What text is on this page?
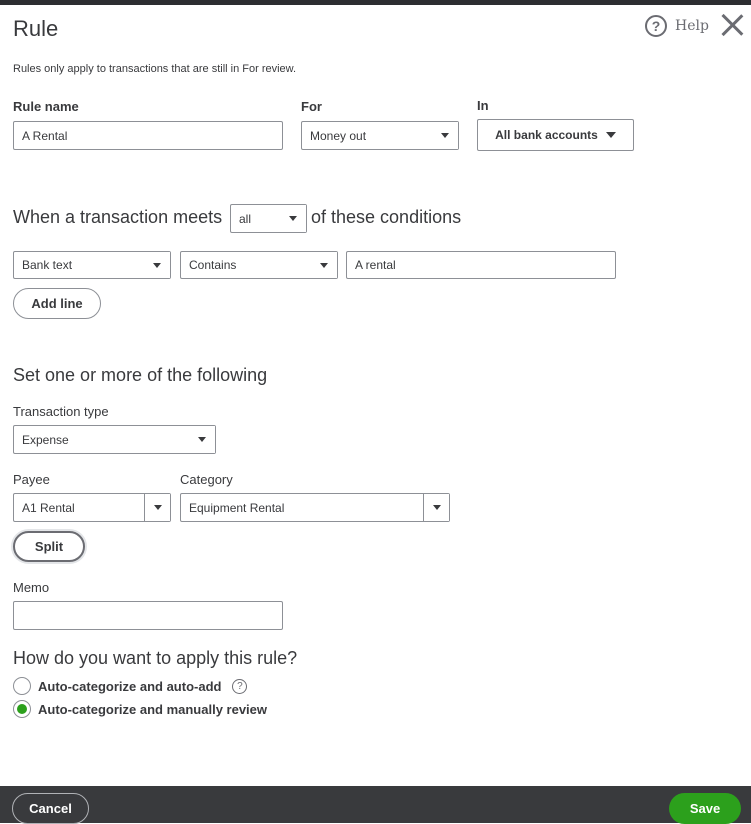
Rule	?	Help
Rules only apply to transactions that are still in For review.
Rule name
A Rental
For
Money out
In
All bank accounts
When a transaction meets all	of these conditions
Bank text	Contains	A rental
Add line
Set one or more of the following
Transaction type
Expense
Payee
A1 Rental
Category
Equipment Rental
Split
Memo
How do you want to apply this rule?
Auto-categorize and auto-add	?
Auto-categorize and manually review
Cancel	Save
